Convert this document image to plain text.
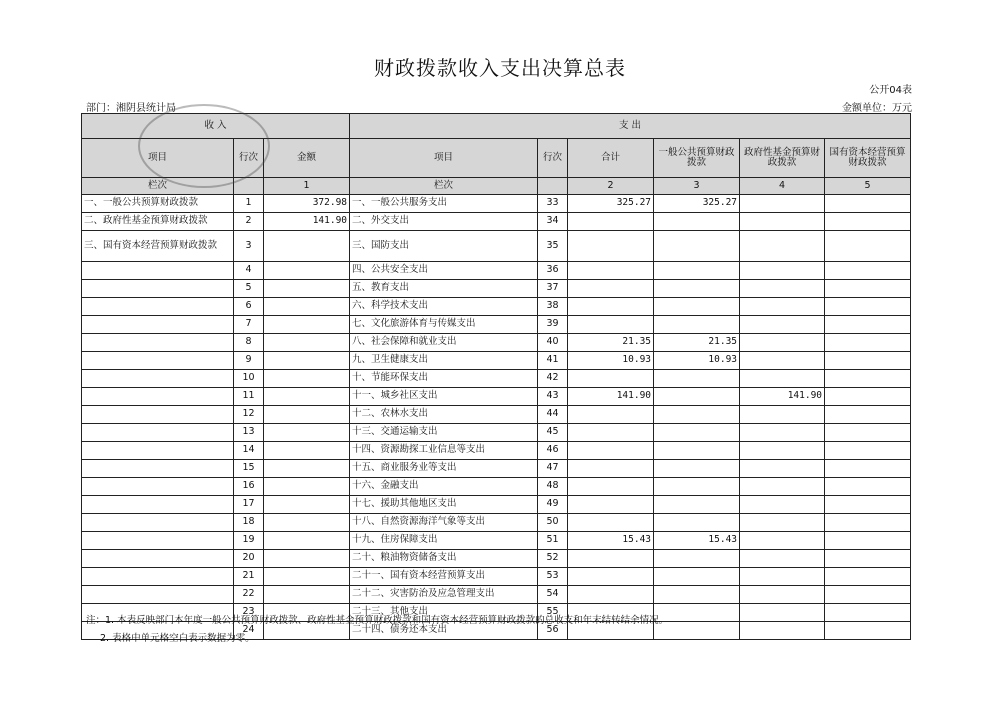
财政拨款收入支出决算总表
公开04表
部门：湘阴县统计局	金额单位：万元
收 入			支 出					
项目	行次	金额	项目	行次	合计	一般公共预算财政拨款	政府性基金预算财政拨款	国有资本经营预算财政拨款
栏次		1	栏次		2	3	4	5
一、一般公共预算财政拨款	1	372.98	一、一般公共服务支出	33	325.27	325.27		
二、政府性基金预算财政拨款	2	141.90	二、外交支出	34				
三、国有资本经营预算财政拨款	3		三、国防支出	35				
	4		四、公共安全支出	36				
	5		五、教育支出	37				
	6		六、科学技术支出	38				
	7		七、文化旅游体育与传媒支出	39				
	8		八、社会保障和就业支出	40	21.35	21.35		
	9		九、卫生健康支出	41	10.93	10.93		
	10		十、节能环保支出	42				
	11		十一、城乡社区支出	43	141.90		141.90	
	12		十二、农林水支出	44				
	13		十三、交通运输支出	45				
	14		十四、资源勘探工业信息等支出	46				
	15		十五、商业服务业等支出	47				
	16		十六、金融支出	48				
	17		十七、援助其他地区支出	49				
	18		十八、自然资源海洋气象等支出	50				
	19		十九、住房保障支出	51	15.43	15.43		
	20		二十、粮油物资储备支出	52				
	21		二十一、国有资本经营预算支出	53				
	22		二十二、灾害防治及应急管理支出	54				
	23		二十三、其他支出	55				
	24		二十四、债务还本支出	56				
注：1. 本表反映部门本年度一般公共预算财政拨款、政府性基金预算财政拨款和国有资本经营预算财政拨款的总收支和年末结转结余情况。
2. 表格中单元格空白表示数据为零。
